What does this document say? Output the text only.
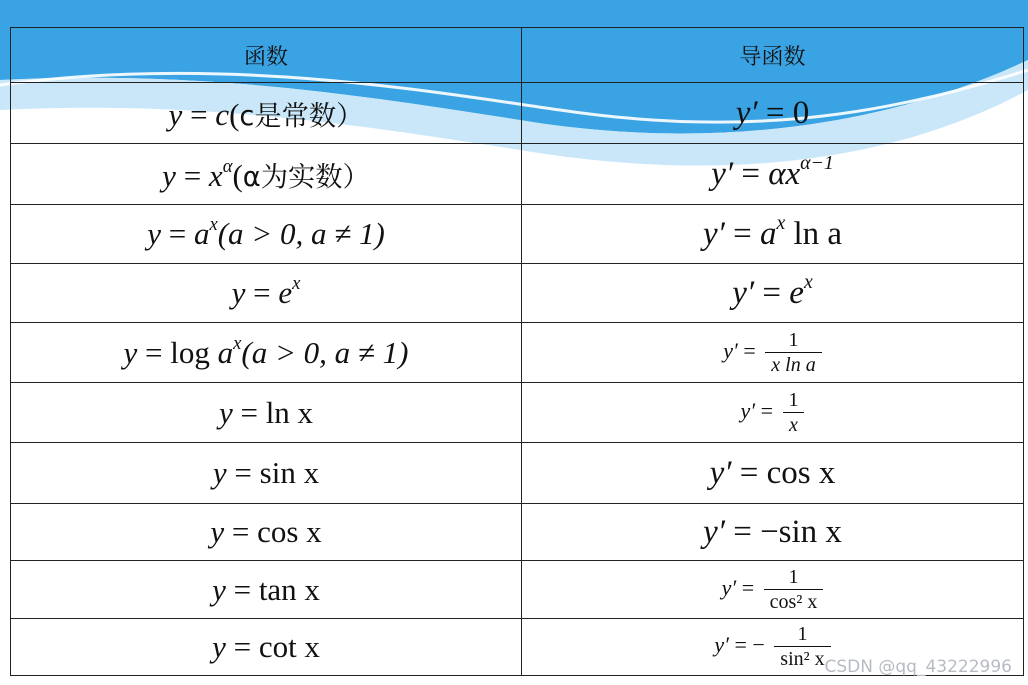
函数	导函数
y = c(c是常数）	y′ = 0
$y = x^\alpha(\alpha$为实数）	$y' = \alpha x^{\alpha-1}$
$y = a^x(a > 0$, a ≠ 1)	$y' = a^x$ ln a
$y = e^x$	$y' = e^x$
$y = \log a^x(a > 0$, a ≠ 1)	$y' = \frac{1}{\text{x ln a}}$

y = ln x	$y' = \frac{1}{x}$

y = sin x	y′ = cos x
y = cos x	y′ = −sin x
y = tan x	$y' = \frac{1}{\text{cos² x}}$

y = cot x	y′ = − $\frac{1}{\text{sin² x}}$
CSDN @qq_43222996
